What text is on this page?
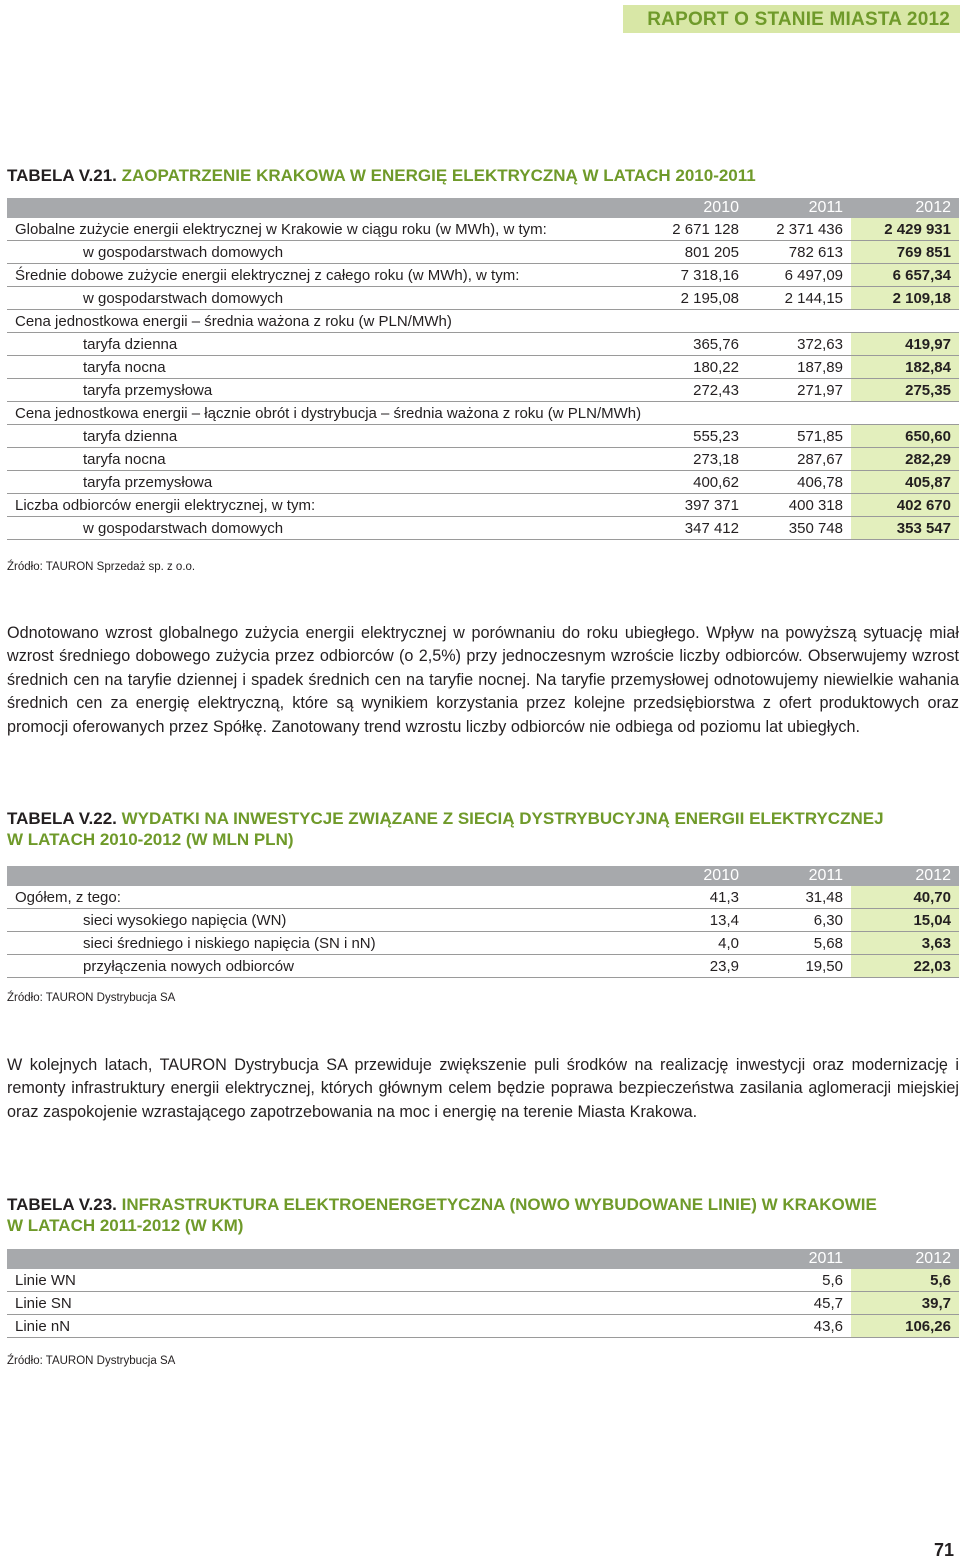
RAPORT O STANIE MIASTA 2012
TABELA V.21. ZAOPATRZENIE KRAKOWA W ENERGIĘ ELEKTRYCZNĄ W LATACH 2010-2011
	2010	2011	2012
Globalne zużycie energii elektrycznej w Krakowie w ciągu roku (w MWh), w tym:	2 671 128	2 371 436	2 429 931
w gospodarstwach domowych	801 205	782 613	769 851
Średnie dobowe zużycie energii elektrycznej z całego roku (w MWh), w tym:	7 318,16	6 497,09	6 657,34
w gospodarstwach domowych	2 195,08	2 144,15	2 109,18
Cena jednostkowa energii – średnia ważona z roku (w PLN/MWh)			
taryfa dzienna	365,76	372,63	419,97
taryfa nocna	180,22	187,89	182,84
taryfa przemysłowa	272,43	271,97	275,35
Cena jednostkowa energii – łącznie obrót i dystrybucja – średnia ważona z roku (w PLN/MWh)			
taryfa dzienna	555,23	571,85	650,60
taryfa nocna	273,18	287,67	282,29
taryfa przemysłowa	400,62	406,78	405,87
Liczba odbiorców energii elektrycznej, w tym:	397 371	400 318	402 670
w gospodarstwach domowych	347 412	350 748	353 547
Źródło: TAURON Sprzedaż sp. z o.o.
Odnotowano wzrost globalnego zużycia energii elektrycznej w porównaniu do roku ubiegłego. Wpływ na powyższą sytuację miał wzrost średniego dobowego zużycia przez odbiorców (o 2,5%) przy jednoczesnym wzroście liczby odbiorców. Obserwujemy wzrost średnich cen na taryfie dziennej i spadek średnich cen na taryfie nocnej. Na taryfie przemysłowej odnotowujemy niewielkie wahania średnich cen za energię elektryczną, które są wynikiem korzystania przez kolejne przedsiębiorstwa z ofert produktowych oraz promocji oferowanych przez Spółkę. Zanotowany trend wzrostu liczby odbiorców nie odbiega od poziomu lat ubiegłych.
TABELA V.22. WYDATKI NA INWESTYCJE ZWIĄZANE Z SIECIĄ DYSTRYBUCYJNĄ ENERGII ELEKTRYCZNEJ
W LATACH 2010-2012 (W MLN PLN)
	2010	2011	2012
Ogółem, z tego:	41,3	31,48	40,70
sieci wysokiego napięcia (WN)	13,4	6,30	15,04
sieci średniego i niskiego napięcia (SN i nN)	4,0	5,68	3,63
przyłączenia nowych odbiorców	23,9	19,50	22,03
Źródło: TAURON Dystrybucja SA
W kolejnych latach, TAURON Dystrybucja SA przewiduje zwiększenie puli środków na realizację inwestycji oraz modernizację i remonty infrastruktury energii elektrycznej, których głównym celem będzie poprawa bezpieczeństwa zasilania aglomeracji miejskiej oraz zaspokojenie wzrastającego zapotrzebowania na moc i energię na terenie Miasta Krakowa.
TABELA V.23. INFRASTRUKTURA ELEKTROENERGETYCZNA (NOWO WYBUDOWANE LINIE) W KRAKOWIE
W LATACH 2011-2012 (W KM)
	2011	2012
Linie WN	5,6	5,6
Linie SN	45,7	39,7
Linie nN	43,6	106,26
Źródło: TAURON Dystrybucja SA
71
